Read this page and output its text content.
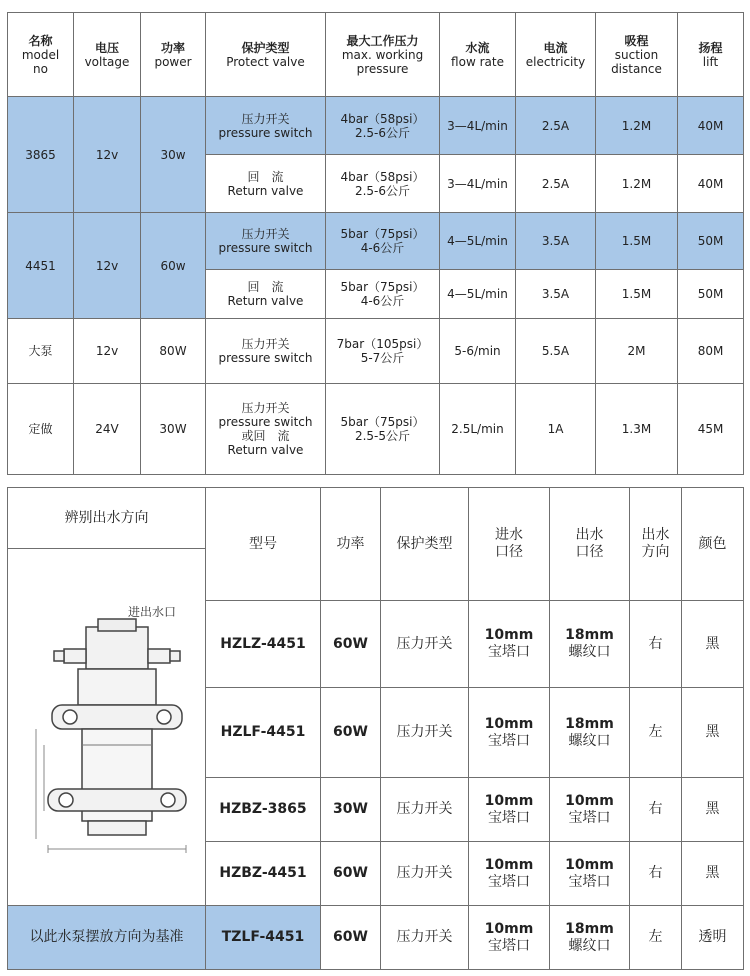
名称
model
no	电压
voltage	功率
power	保护类型
Protect valve	最大工作压力
max. working
pressure	水流
flow rate	电流
electricity	吸程
suction
distance	扬程
lift

3865	12v	30w	压力开关
pressure switch	4bar（58psi）
2.5-6公斤	3—4L/min	2.5A	1.2M	40M

			回　流
Return valve	4bar（58psi）
2.5-6公斤	3—4L/min	2.5A	1.2M	40M
4451	12v	60w	压力开关
pressure switch	5bar（75psi）
4-6公斤	4—5L/min	3.5A	1.5M	50M

			回　流
Return valve	5bar（75psi）
4-6公斤	4—5L/min	3.5A	1.5M	50M
大泵	12v	80W	压力开关
pressure switch	7bar（105psi）
5-7公斤	5-6/min	5.5A	2M	80M
定做	24V	30W	压力开关
pressure switch
或回　流
Return valve	5bar（75psi）
2.5-5公斤	2.5L/min	1A	1.3M	45M
辨别出水方向	型号	功率	保护类型	进水
口径	出水
口径	出水
方向	颜色

进出水口							

	HZLZ-4451	60W	压力开关	10mm
宝塔口	18mm
螺纹口	右	黑
	HZLF-4451	60W	压力开关	10mm
宝塔口	18mm
螺纹口	左	黑
	HZBZ-3865	30W	压力开关	10mm
宝塔口	10mm
宝塔口	右	黑
	HZBZ-4451	60W	压力开关	10mm
宝塔口	10mm
宝塔口	右	黑

以此水泵摆放方向为基准	TZLF-4451	60W	压力开关	10mm
宝塔口	18mm
螺纹口	左	透明
